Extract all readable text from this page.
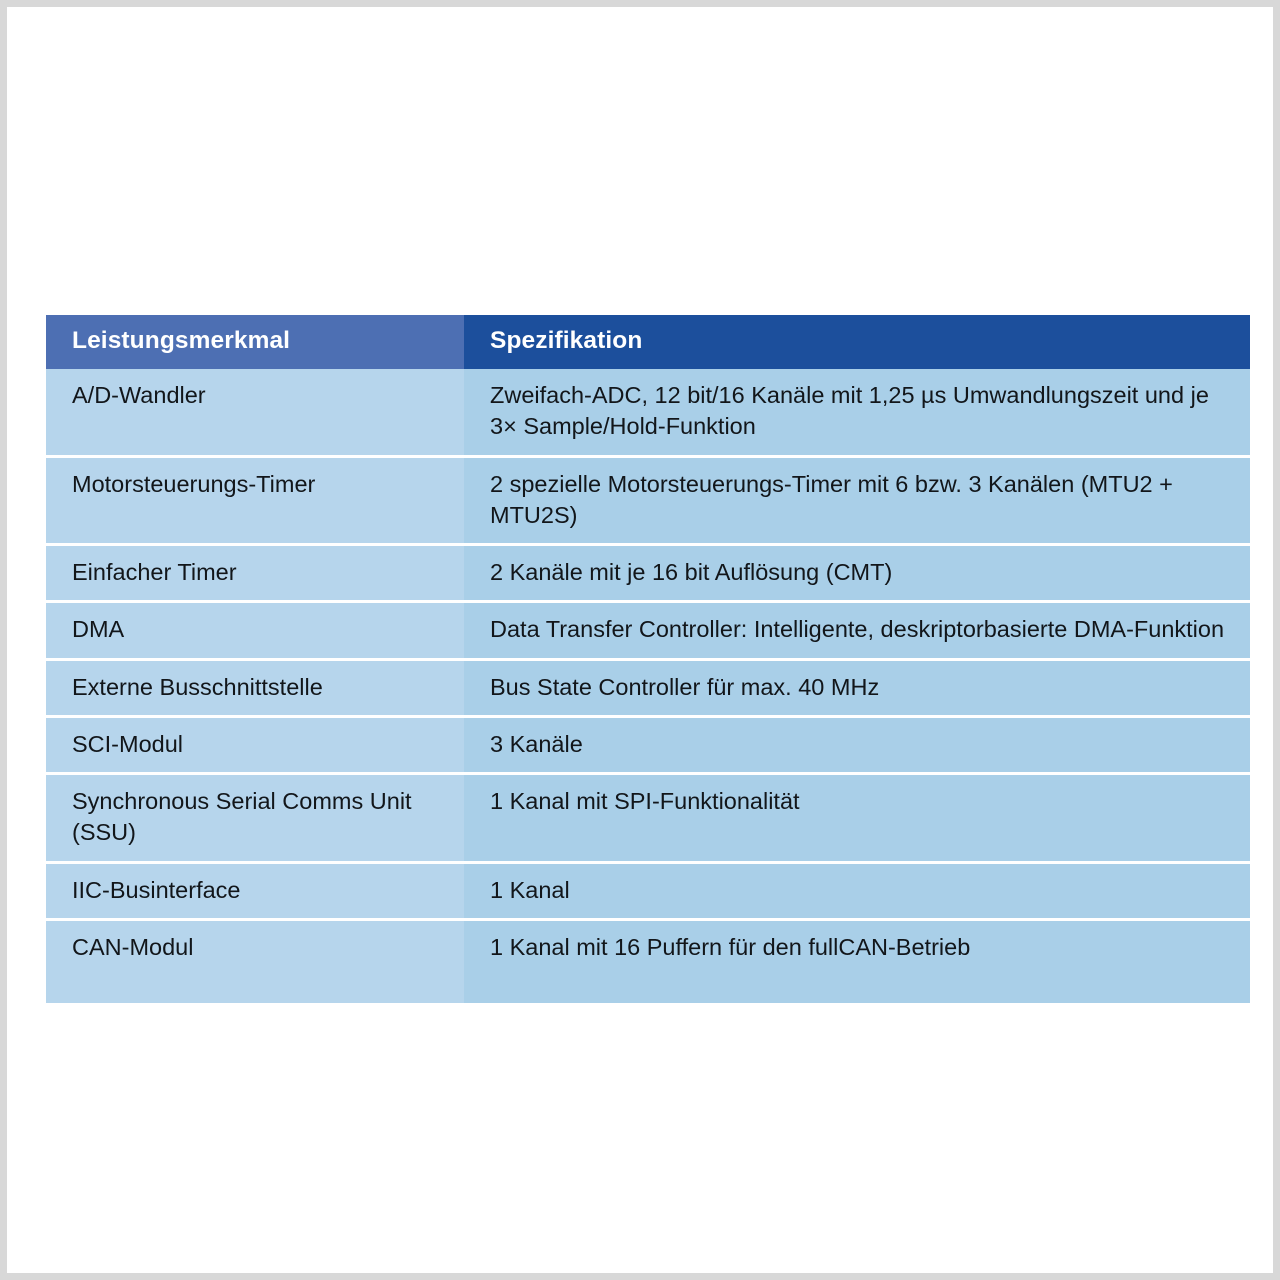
Leistungsmerkmal	Spezifikation
A/D-Wandler	Zweifach-ADC, 12 bit/16 Kanäle mit 1,25 µs Umwandlungszeit und je
3× Sample/Hold-Funktion

Motorsteuerungs-Timer	2 spezielle Motorsteuerungs-Timer mit 6 bzw. 3 Kanälen (MTU2 + MTU2S)
Einfacher Timer	2 Kanäle mit je 16 bit Auflösung (CMT)
DMA	Data Transfer Controller: Intelligente, deskriptorbasierte DMA-Funktion
Externe Busschnittstelle	Bus State Controller für max. 40 MHz
SCI-Modul	3 Kanäle
Synchronous Serial Comms Unit (SSU)	1 Kanal mit SPI-Funktionalität
IIC-Businterface	1 Kanal
CAN-Modul	1 Kanal mit 16 Puffern für den fullCAN-Betrieb
